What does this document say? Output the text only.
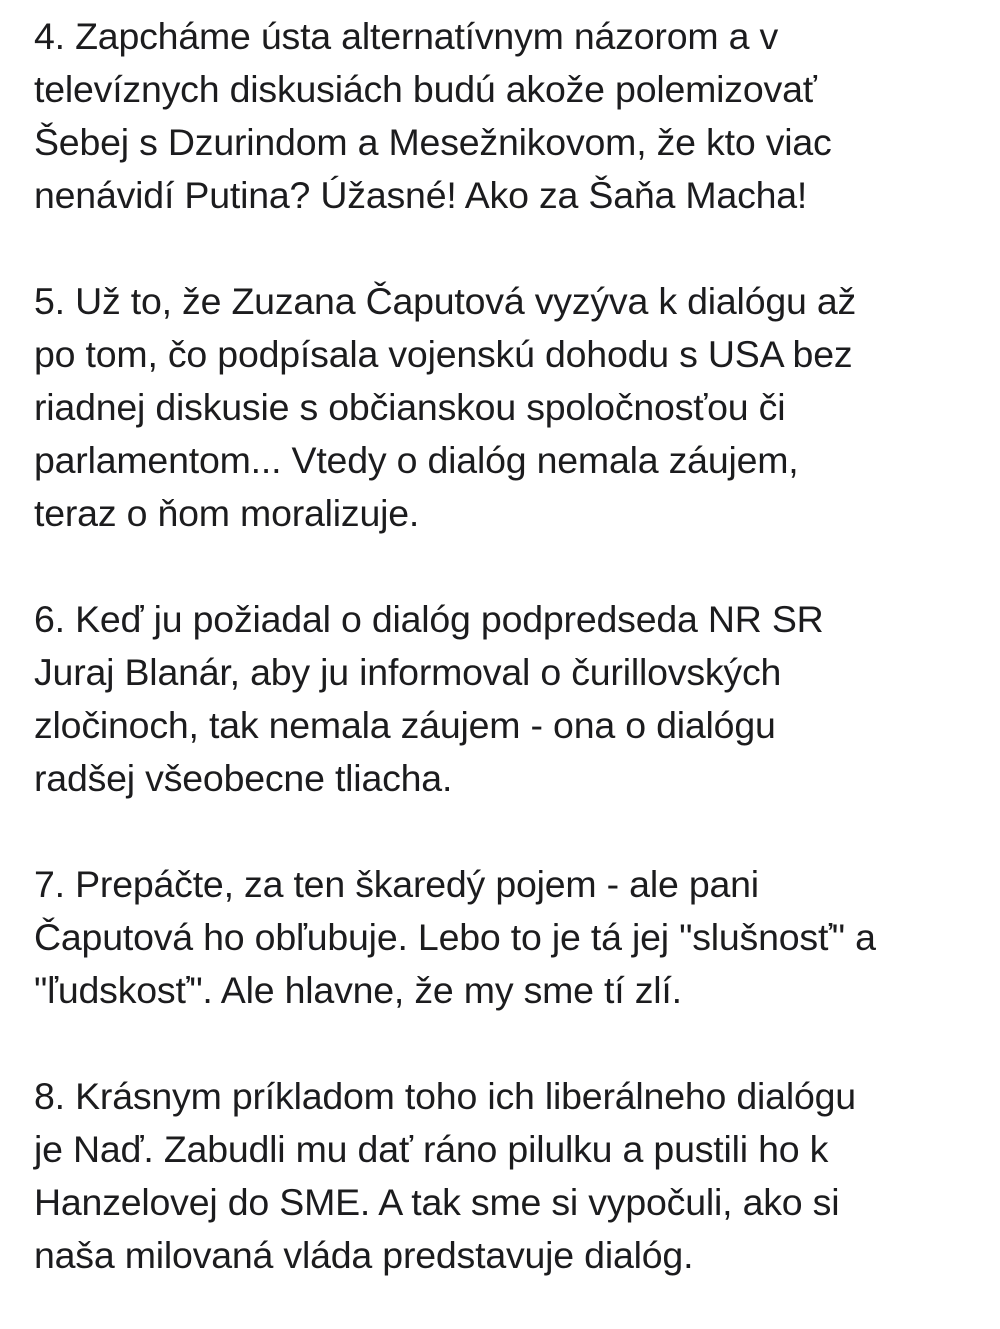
4. Zapcháme ústa alternatívnym názorom a v
televíznych diskusiách budú akože polemizovať
Šebej s Dzurindom a Mesežnikovom, že kto viac
nenávidí Putina? Úžasné! Ako za Šaňa Macha!

5. Už to, že Zuzana Čaputová vyzýva k dialógu až
po tom, čo podpísala vojenskú dohodu s USA bez
riadnej diskusie s občianskou spoločnosťou či
parlamentom... Vtedy o dialóg nemala záujem,
teraz o ňom moralizuje.

6. Keď ju požiadal o dialóg podpredseda NR SR
Juraj Blanár, aby ju informoval o čurillovských
zločinoch, tak nemala záujem - ona o dialógu
radšej všeobecne tliacha.

7. Prepáčte, za ten škaredý pojem - ale pani
Čaputová ho obľubuje. Lebo to je tá jej "slušnosť" a
"ľudskosť". Ale hlavne, že my sme tí zlí.

8. Krásnym príkladom toho ich liberálneho dialógu
je Naď. Zabudli mu dať ráno pilulku a pustili ho k
Hanzelovej do SME. A tak sme si vypočuli, ako si
naša milovaná vláda predstavuje dialóg.
